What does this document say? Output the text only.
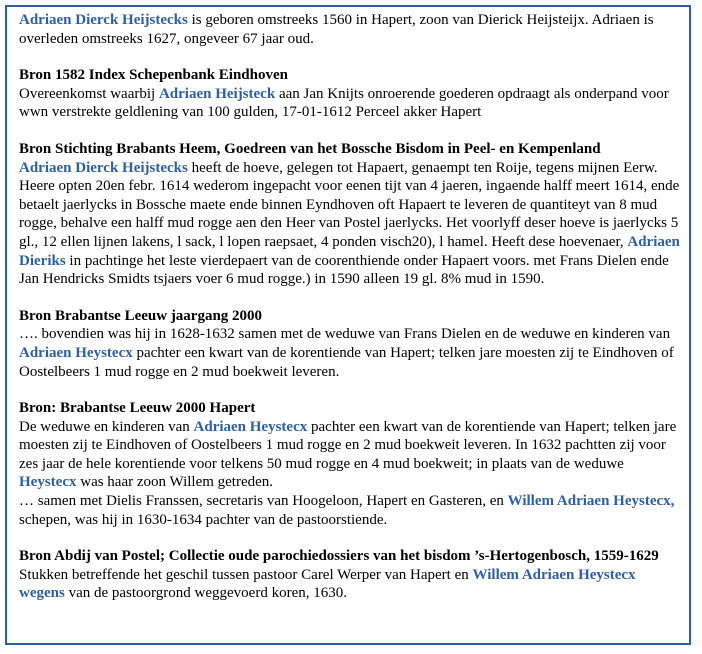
Adriaen Dierck Heijstecks is geboren omstreeks 1560 in Hapert, zoon van Dierick Heijsteijx. Adriaen is overleden omstreeks 1627, ongeveer 67 jaar oud.

Bron 1582 Index Schepenbank Eindhoven

Overeenkomst waarbij Adriaen Heijsteck aan Jan Knijts onroerende goederen opdraagt als onderpand voor wwn verstrekte geldlening van 100 gulden, 17-01-1612 Perceel akker Hapert

Bron Stichting Brabants Heem, Goedreen van het Bossche Bisdom in Peel- en Kempenland

Adriaen Dierck Heijstecks heeft de hoeve, gelegen tot Hapaert, genaempt ten Roije, tegens mijnen Eerw. Heere opten 20en febr. 1614 wederom ingepacht voor eenen tijt van 4 jaeren, ingaende halff meert 1614, ende betaelt jaerlycks in Bossche maete ende binnen Eyndhoven oft Hapaert te leveren de quantiteyt van 8 mud rogge, behalve een halff mud rogge aen den Heer van Postel jaerlycks. Het voorlyff deser hoeve is jaerlycks 5 gl., 12 ellen lijnen lakens, l sack, l lopen raepsaet, 4 ponden visch20), l hamel. Heeft dese hoevenaer, Adriaen Dieriks in pachtinge het leste vierdepaert van de coorenthiende onder Hapaert voors. met Frans Dielen ende Jan Hendricks Smidts tsjaers voer 6 mud rogge.) in 1590 alleen 19 gl. 8% mud in 1590.

Bron Brabantse Leeuw jaargang 2000

…. bovendien was hij in 1628-1632 samen met de weduwe van Frans Dielen en de weduwe en kinderen van Adriaen Heystecx pachter een kwart van de korentiende van Hapert; telken jare moesten zij te Eindhoven of Oostelbeers 1 mud rogge en 2 mud boekweit leveren.

Bron: Brabantse Leeuw 2000 Hapert

De weduwe en kinderen van Adriaen Heystecx pachter een kwart van de korentiende van Hapert; telken jare moesten zij te Eindhoven of Oostelbeers 1 mud rogge en 2 mud boekweit leveren. In 1632 pachtten zij voor zes jaar de hele korentiende voor telkens 50 mud rogge en 4 mud boekweit; in plaats van de weduwe Heystecx was haar zoon Willem getreden.

… samen met Dielis Franssen, secretaris van Hoogeloon, Hapert en Gasteren, en Willem Adriaen Heystecx, schepen, was hij in 1630-1634 pachter van de pastoorstiende.

Bron Abdij van Postel; Collectie oude parochiedossiers van het bisdom ’s-Hertogenbosch, 1559-1629

Stukken betreffende het geschil tussen pastoor Carel Werper van Hapert en Willem Adriaen Heystecx wegens van de pastoorgrond weggevoerd koren, 1630.
